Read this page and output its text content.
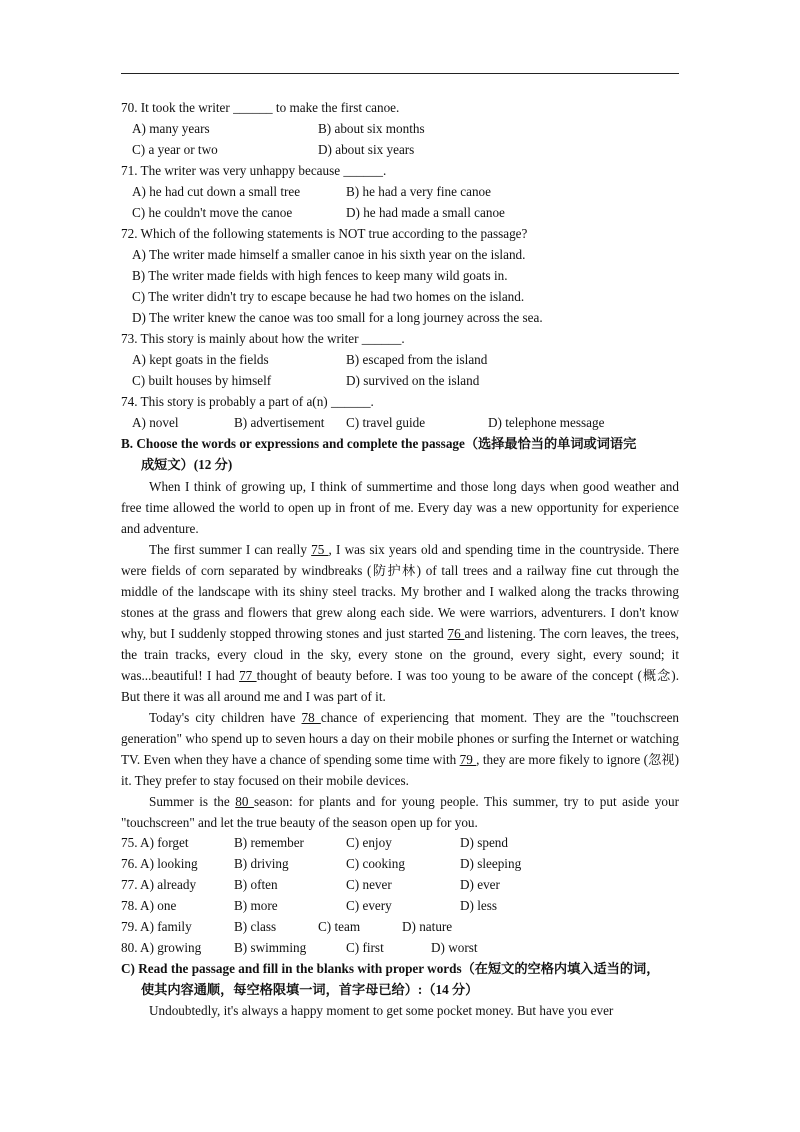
70. It took the writer ______ to make the first canoe.
A) many years	B) about six months
C) a year or two	D) about six years
71. The writer was very unhappy because ______.
A) he had cut down a small tree	B) he had a very fine canoe
C) he couldn't move the canoe	D) he had made a small canoe
72. Which of the following statements is NOT true according to the passage?
A) The writer made himself a smaller canoe in his sixth year on the island.
B) The writer made fields with high fences to keep many wild goats in.
C) The writer didn't try to escape because he had two homes on the island.
D) The writer knew the canoe was too small for a long journey across the sea.
73. This story is mainly about how the writer ______.
A) kept goats in the fields	B) escaped from the island
C) built houses by himself	D) survived on the island
74. This story is probably a part of a(n) ______.
A) novel	B) advertisement C) travel guide	D) telephone message
B. Choose the words or expressions and complete the passage（选择最恰当的单词或词语完
成短文）(12 分)
When I think of growing up, I think of summertime and those long days when good weather and free time allowed the world to open up in front of me. Every day was a new opportunity for experience and adventure.
The first summer I can really 75 , I was six years old and spending time in the countryside. There were fields of corn separated by windbreaks (防护林) of tall trees and a railway fine cut through the middle of the landscape with its shiny steel tracks. My brother and I walked along the tracks throwing stones at the grass and flowers that grew along each side. We were warriors, adventurers. I don't know why, but I suddenly stopped throwing stones and just started 76 and listening. The corn leaves, the trees, the train tracks, every cloud in the sky, every stone on the ground, every sight, every sound; it was...beautiful! I had 77 thought of beauty before. I was too young to be aware of the concept (概念). But there it was all around me and I was part of it.
Today's city children have 78 chance of experiencing that moment. They are the "touchscreen generation" who spend up to seven hours a day on their mobile phones or surfing the Internet or watching TV. Even when they have a chance of spending some time with 79 , they are more fikely to ignore (忽视) it. They prefer to stay focused on their mobile devices.
Summer is the 80 season: for plants and for young people. This summer, try to put aside your "touchscreen" and let the true beauty of the season open up for you.
75. A) forget	B) remember	C) enjoy	D) spend
76. A) looking	B) driving	C) cooking	D) sleeping
77. A) already	B) often	C) never	D) ever
78. A) one	B) more	C) every	D) less
79. A) family	B) class	C) team	D) nature
80. A) growing B) swimming	C) first	D) worst
C) Read the passage and fill in the blanks with proper words（在短文的空格内填入适当的词，
使其内容通顺，每空格限填一词，首字母已给）:（14 分）
Undoubtedly, it's always a happy moment to get some pocket money. But have you ever
